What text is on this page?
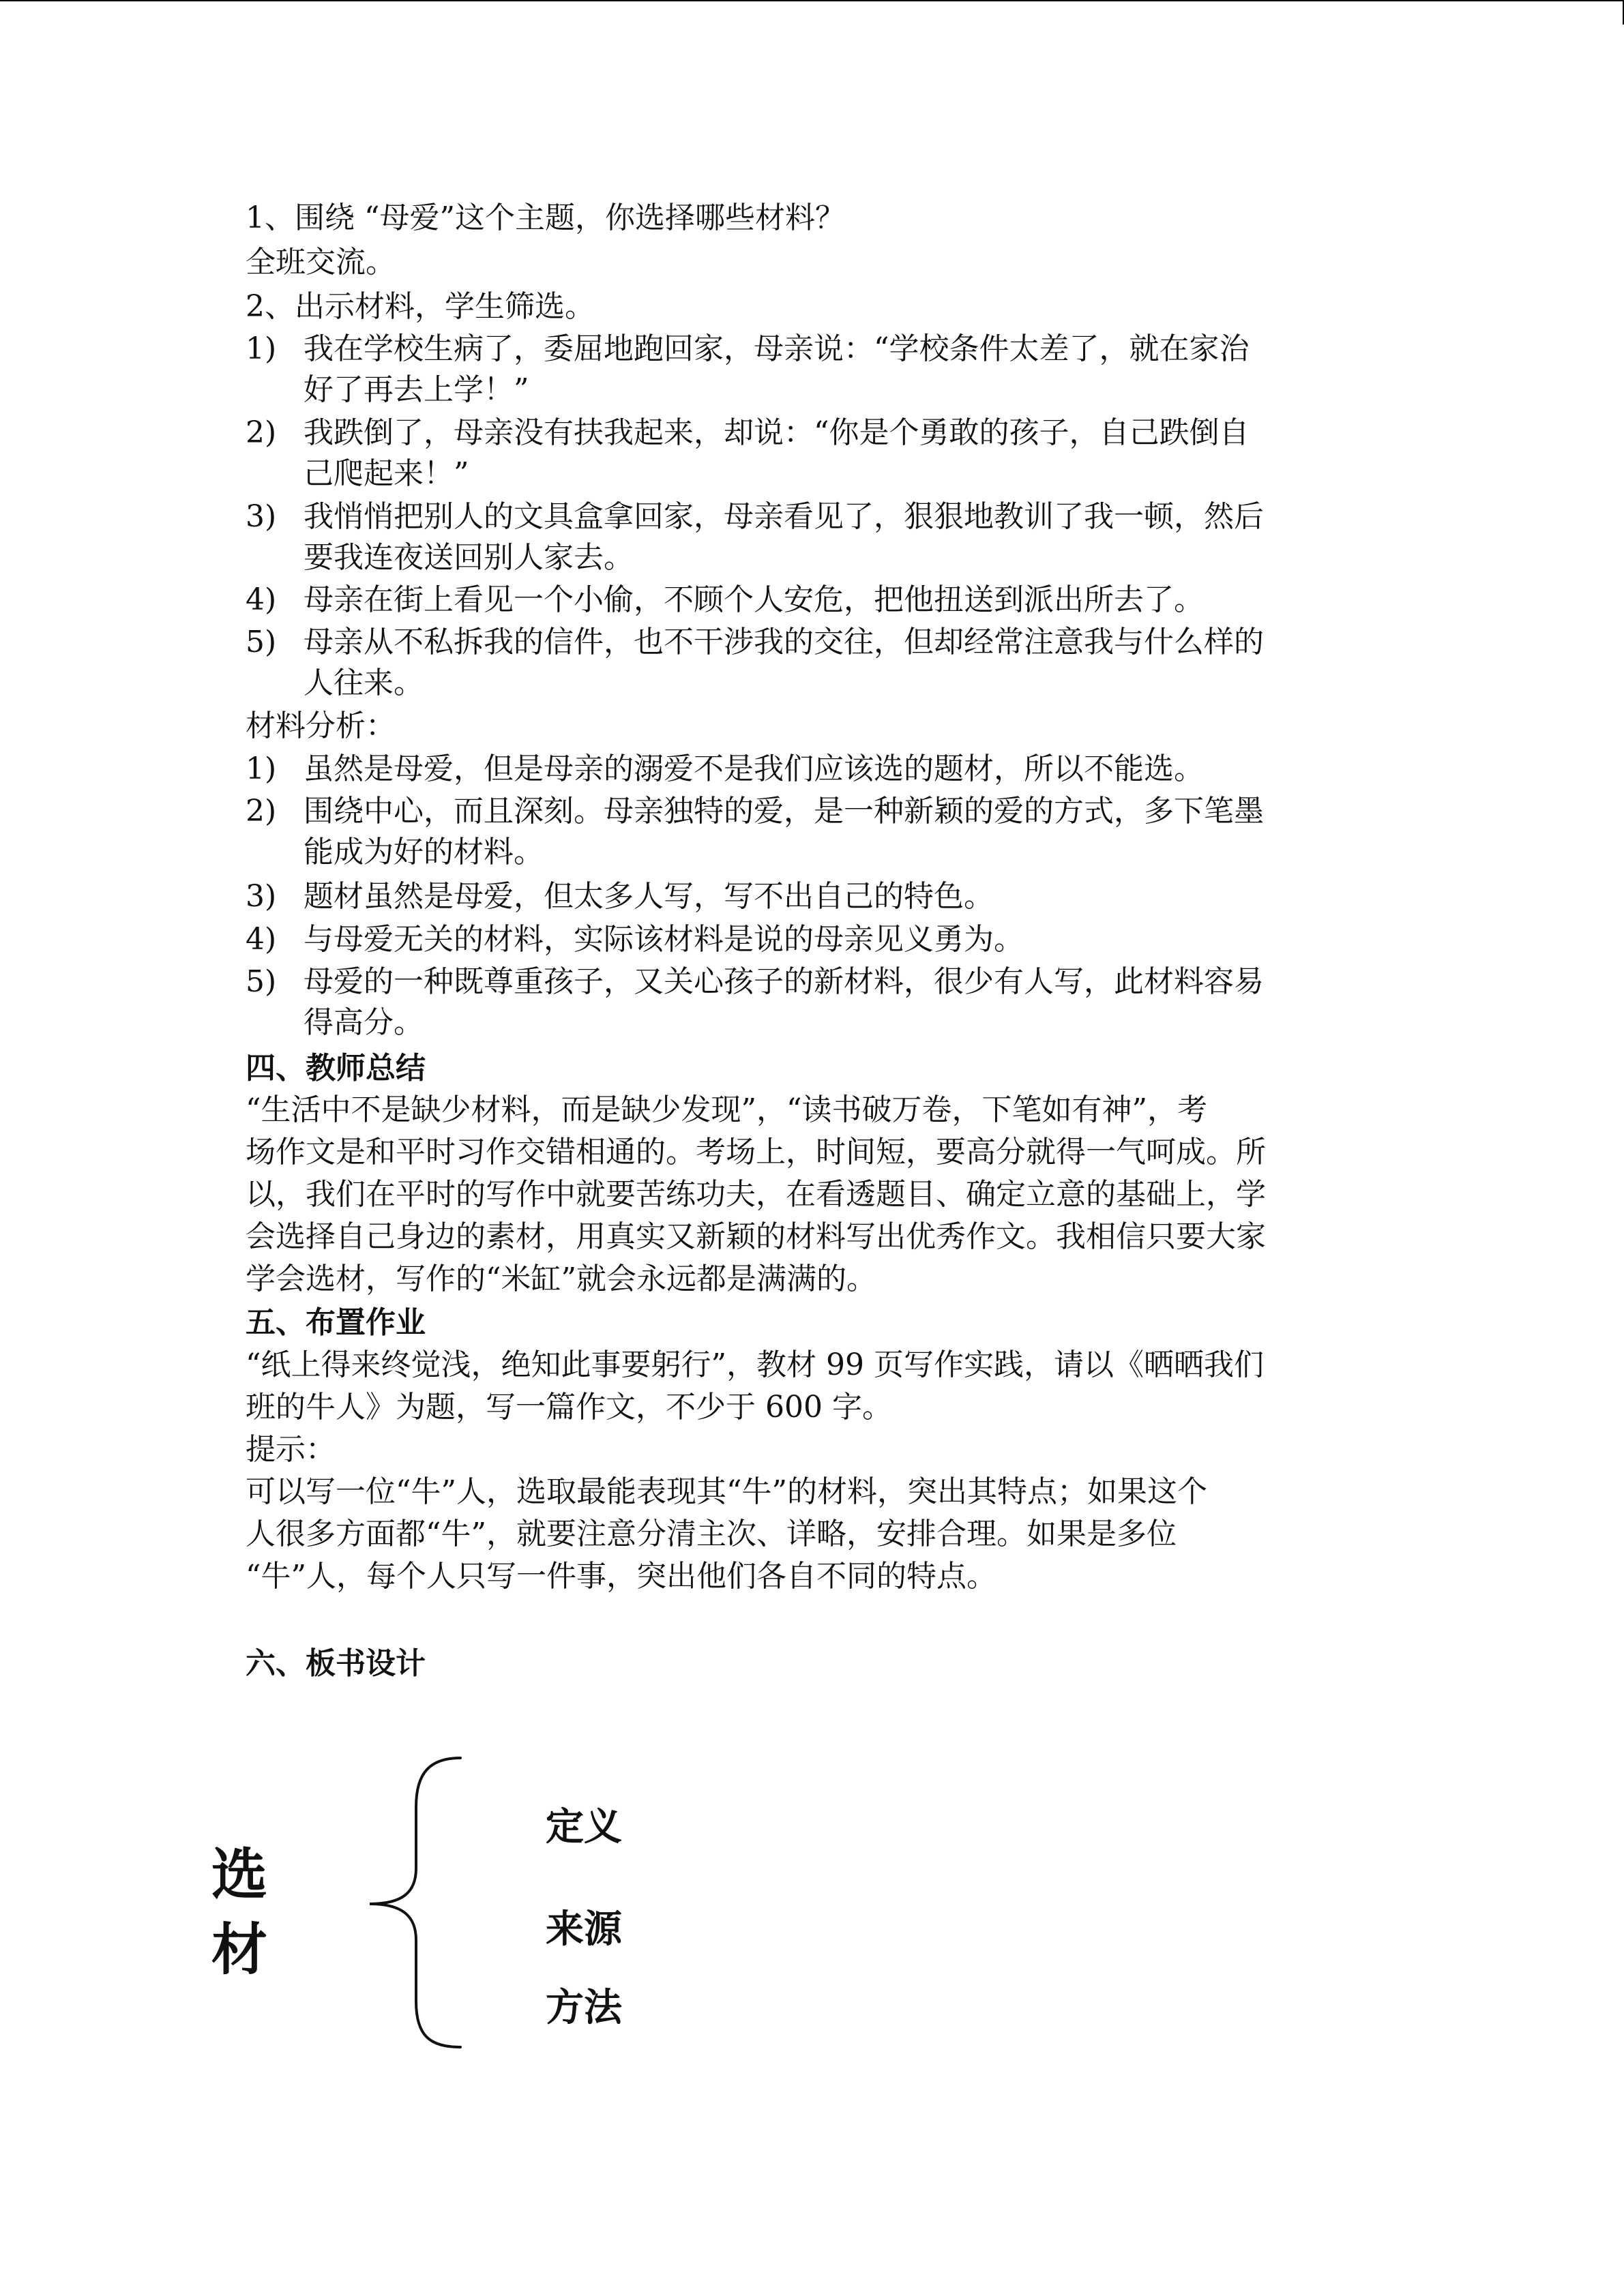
1、围绕 “母爱”这个主题，你选择哪些材料？
全班交流。
2、出示材料，学生筛选。
1) 我在学校生病了，委屈地跑回家，母亲说：“学校条件太差了，就在家治
好了再去上学！”
2) 我跌倒了，母亲没有扶我起来，却说：“你是个勇敢的孩子，自己跌倒自
己爬起来！”
3) 我悄悄把别人的文具盒拿回家，母亲看见了，狠狠地教训了我一顿，然后
要我连夜送回别人家去。
4) 母亲在街上看见一个小偷，不顾个人安危，把他扭送到派出所去了。
5) 母亲从不私拆我的信件，也不干涉我的交往，但却经常注意我与什么样的
人往来。
材料分析：
1) 虽然是母爱，但是母亲的溺爱不是我们应该选的题材，所以不能选。
2) 围绕中心，而且深刻。母亲独特的爱，是一种新颖的爱的方式，多下笔墨
能成为好的材料。
3) 题材虽然是母爱，但太多人写，写不出自己的特色。
4) 与母爱无关的材料，实际该材料是说的母亲见义勇为。
5) 母爱的一种既尊重孩子，又关心孩子的新材料，很少有人写，此材料容易
得高分。
四、教师总结
“生活中不是缺少材料，而是缺少发现”，“读书破万卷，下笔如有神”，考
场作文是和平时习作交错相通的。考场上，时间短，要高分就得一气呵成。所
以，我们在平时的写作中就要苦练功夫，在看透题目、确定立意的基础上，学
会选择自己身边的素材，用真实又新颖的材料写出优秀作文。我相信只要大家
学会选材，写作的“米缸”就会永远都是满满的。
五、布置作业
“纸上得来终觉浅，绝知此事要躬行”，教材 99 页写作实践，请以《晒晒我们
班的牛人》为题，写一篇作文，不少于 600 字。
提示：
可以写一位“牛”人，选取最能表现其“牛”的材料，突出其特点；如果这个
人很多方面都“牛”，就要注意分清主次、详略，安排合理。如果是多位
“牛”人，每个人只写一件事，突出他们各自不同的特点。
六、板书设计
选
材
定义
来源
方法
